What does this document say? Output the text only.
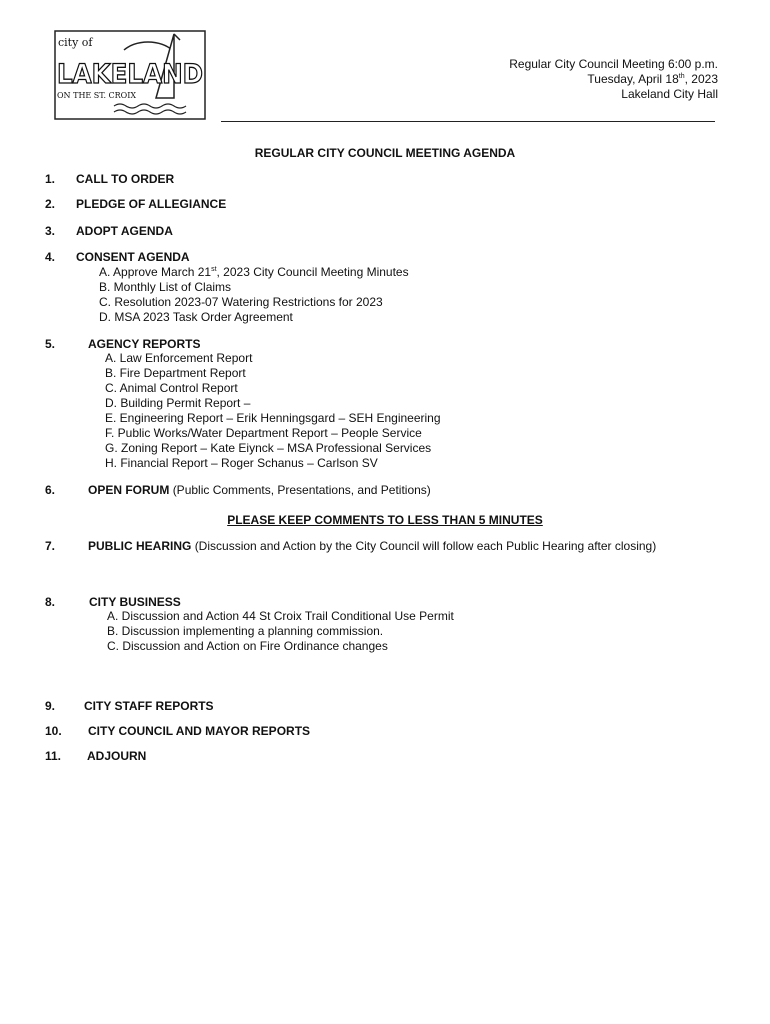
city of
LAKELAND
ON THE ST. CROIX
Regular City Council Meeting 6:00 p.m.
Tuesday, April 18th, 2023
Lakeland City Hall
REGULAR CITY COUNCIL MEETING AGENDA
1. CALL TO ORDER
2. PLEDGE OF ALLEGIANCE
3. ADOPT AGENDA
4. CONSENT AGENDA
A. Approve March 21st, 2023 City Council Meeting Minutes
B. Monthly List of Claims
C. Resolution 2023-07 Watering Restrictions for 2023
D. MSA 2023 Task Order Agreement
5.	AGENCY REPORTS
A. Law Enforcement Report
B. Fire Department Report
C. Animal Control Report
D. Building Permit Report –
E. Engineering Report – Erik Henningsgard – SEH Engineering
F. Public Works/Water Department Report – People Service
G. Zoning Report – Kate Eiynck – MSA Professional Services
H. Financial Report – Roger Schanus – Carlson SV
6.	OPEN FORUM (Public Comments, Presentations, and Petitions)
PLEASE KEEP COMMENTS TO LESS THAN 5 MINUTES
7.	PUBLIC HEARING (Discussion and Action by the City Council will follow each Public Hearing after closing)
8.	CITY BUSINESS
A. Discussion and Action 44 St Croix Trail Conditional Use Permit
B. Discussion implementing a planning commission.
C. Discussion and Action on Fire Ordinance changes
9. CITY STAFF REPORTS
10. CITY COUNCIL AND MAYOR REPORTS
11. ADJOURN
